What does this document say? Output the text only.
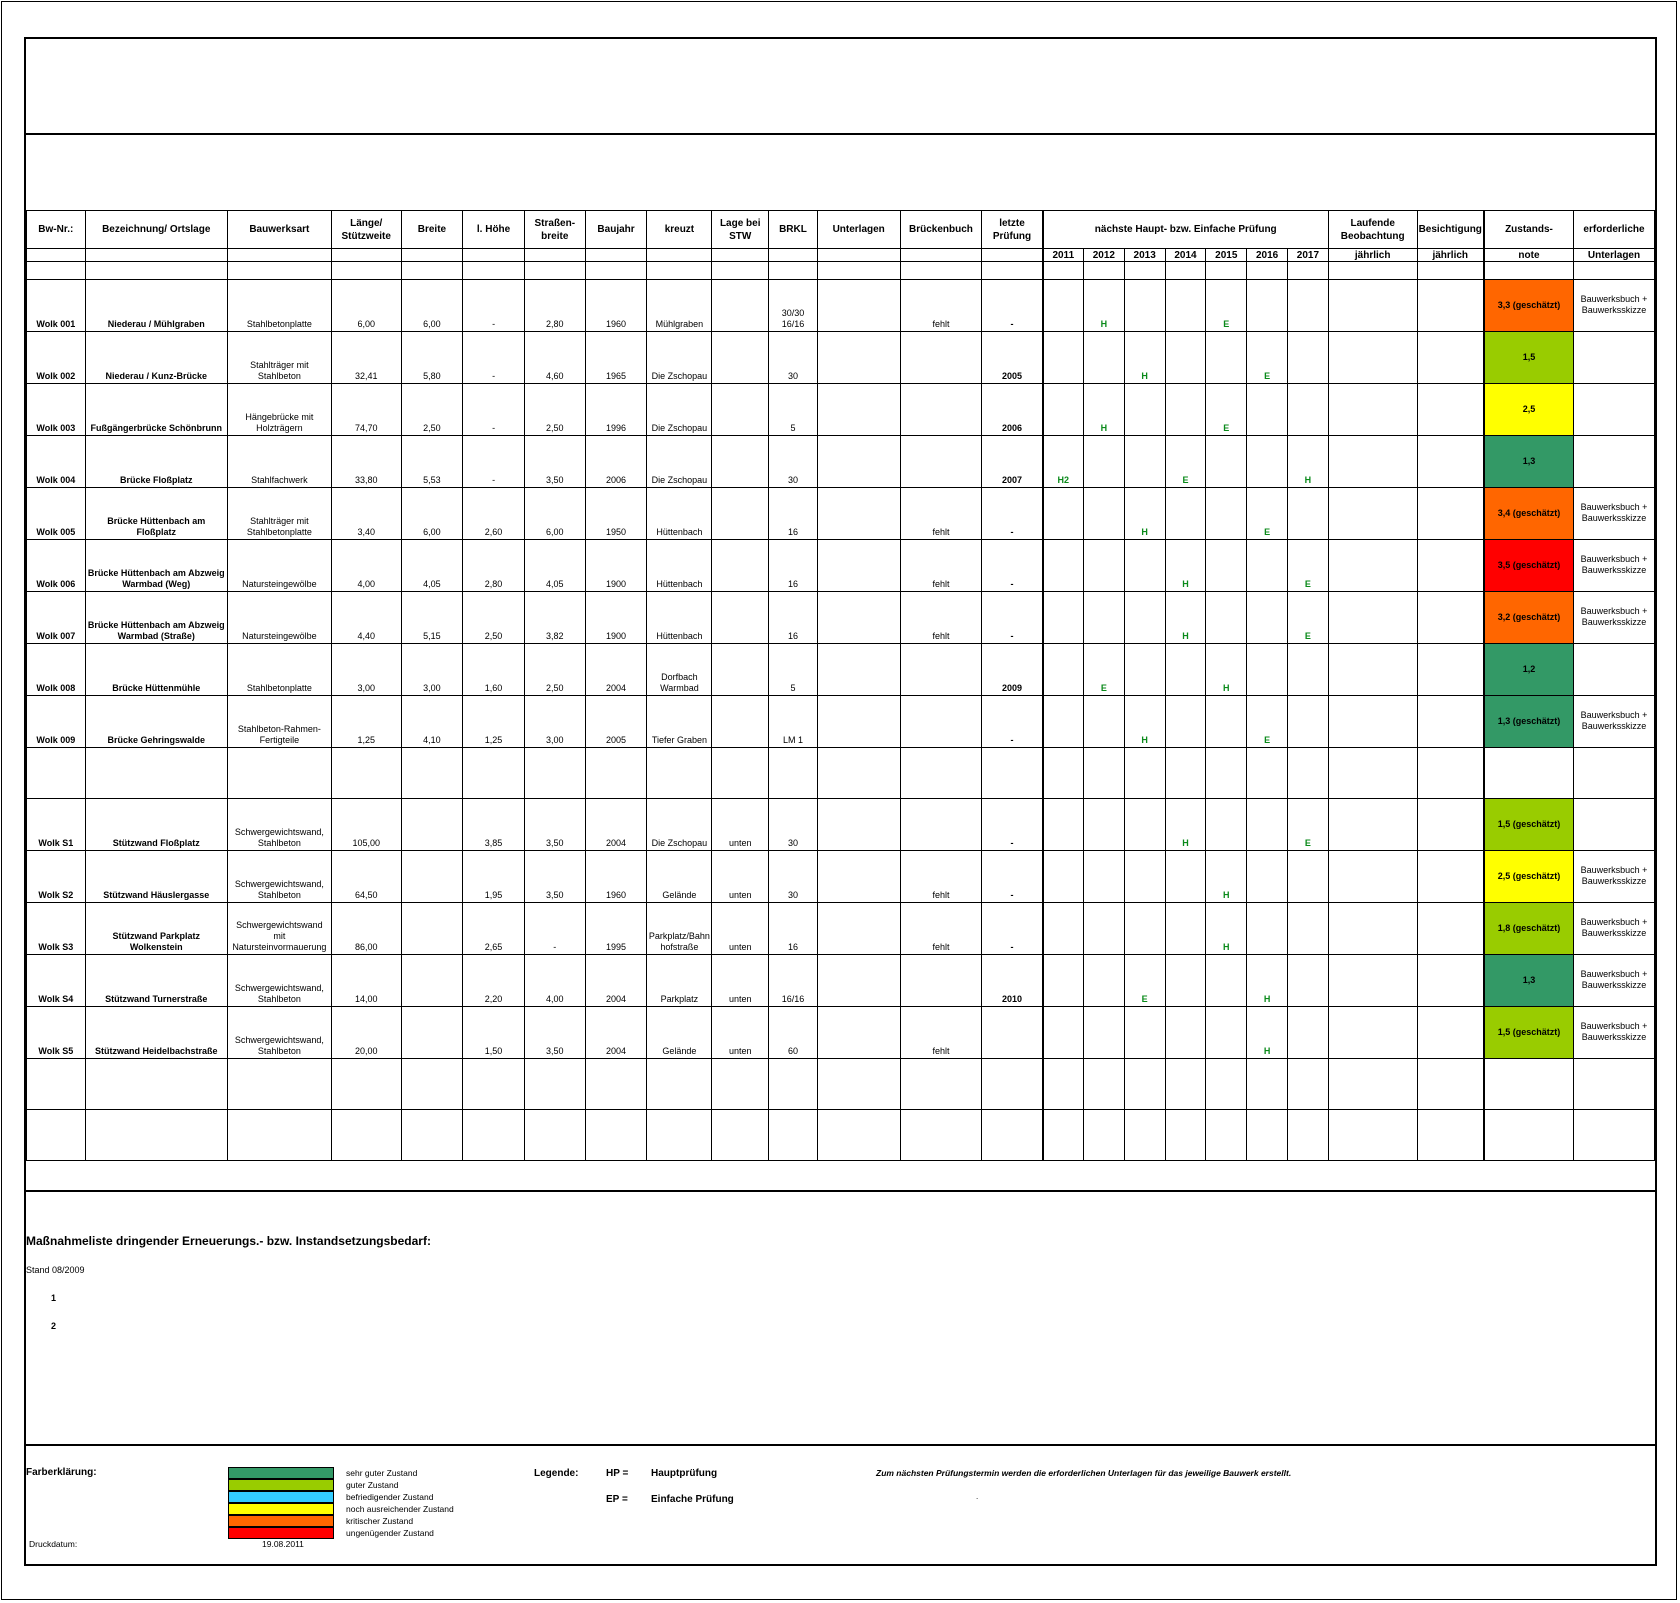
Bw-Nr.:	Bezeichnung/ Ortslage	Bauwerksart	Länge/ Stützweite	Breite	l. Höhe	Straßen- breite	Baujahr	kreuzt	Lage bei STW	BRKL	Unterlagen	Brückenbuch	letzte Prüfung	nächste Haupt- bzw. Einfache Prüfung							Laufende Beobachtung	Besichtigung	Zustands-	erforderliche
														2011	2012	2013	2014	2015	2016	2017	jährlich	jährlich	note	Unterlagen

Wolk 001	Niederau / Mühlgraben	Stahlbetonplatte	6,00	6,00	-	2,80	1960	Mühlgraben		30/30 16/16		fehlt	-		H			E					3,3 (geschätzt)	Bauwerksbuch + Bauwerksskizze
Wolk 002	Niederau / Kunz-Brücke	Stahlträger mit Stahlbeton	32,41	5,80	-	4,60	1965	Die Zschopau		30			2005			H			E				1,5	
Wolk 003	Fußgängerbrücke Schönbrunn	Hängebrücke mit Holzträgern	74,70	2,50	-	2,50	1996	Die Zschopau		5			2006		H			E					2,5	
Wolk 004	Brücke Floßplatz	Stahlfachwerk	33,80	5,53	-	3,50	2006	Die Zschopau		30			2007	H2			E			H			1,3	
Wolk 005	Brücke Hüttenbach am Floßplatz	Stahlträger mit Stahlbetonplatte	3,40	6,00	2,60	6,00	1950	Hüttenbach		16		fehlt	-			H			E				3,4 (geschätzt)	Bauwerksbuch + Bauwerksskizze
Wolk 006	Brücke Hüttenbach am Abzweig Warmbad (Weg)	Natursteingewölbe	4,00	4,05	2,80	4,05	1900	Hüttenbach		16		fehlt	-				H			E			3,5 (geschätzt)	Bauwerksbuch + Bauwerksskizze
Wolk 007	Brücke Hüttenbach am Abzweig Warmbad (Straße)	Natursteingewölbe	4,40	5,15	2,50	3,82	1900	Hüttenbach		16		fehlt	-				H			E			3,2 (geschätzt)	Bauwerksbuch + Bauwerksskizze
Wolk 008	Brücke Hüttenmühle	Stahlbetonplatte	3,00	3,00	1,60	2,50	2004	Dorfbach Warmbad		5			2009		E			H					1,2	
Wolk 009	Brücke Gehringswalde	Stahlbeton-Rahmen- Fertigteile	1,25	4,10	1,25	3,00	2005	Tiefer Graben		LM 1			-			H			E				1,3 (geschätzt)	Bauwerksbuch + Bauwerksskizze

Wolk S1	Stützwand Floßplatz	Schwergewichtswand, Stahlbeton	105,00		3,85	3,50	2004	Die Zschopau	unten	30			-				H			E			1,5 (geschätzt)	
Wolk S2	Stützwand Häuslergasse	Schwergewichtswand, Stahlbeton	64,50		1,95	3,50	1960	Gelände	unten	30		fehlt	-					H					2,5 (geschätzt)	Bauwerksbuch + Bauwerksskizze
Wolk S3	Stützwand Parkplatz Wolkenstein	Schwergewichtswand mit Natursteinvormauerung	86,00		2,65	-	1995	Parkplatz/Bahn hofstraße	unten	16		fehlt	-					H					1,8 (geschätzt)	Bauwerksbuch + Bauwerksskizze
Wolk S4	Stützwand Turnerstraße	Schwergewichtswand, Stahlbeton	14,00		2,20	4,00	2004	Parkplatz	unten	16/16			2010			E			H				1,3	Bauwerksbuch + Bauwerksskizze
Wolk S5	Stützwand Heidelbachstraße	Schwergewichtswand, Stahlbeton	20,00		1,50	3,50	2004	Gelände	unten	60		fehlt							H				1,5 (geschätzt)	Bauwerksbuch + Bauwerksskizze

Maßnahmeliste dringender Erneuerungs.- bzw. Instandsetzungsbedarf:
Stand 08/2009
1
2
Farberklärung:	sehr guter Zustand
guter Zustand
befriedigender Zustand
noch ausreichender Zustand
kritischer Zustand
ungenügender Zustand
Legende:	HP = Hauptprüfung
EP = Einfache Prüfung
Zum nächsten Prüfungstermin werden die erforderlichen Unterlagen für das jeweilige Bauwerk erstellt.
.
Druckdatum:	19.08.2011
